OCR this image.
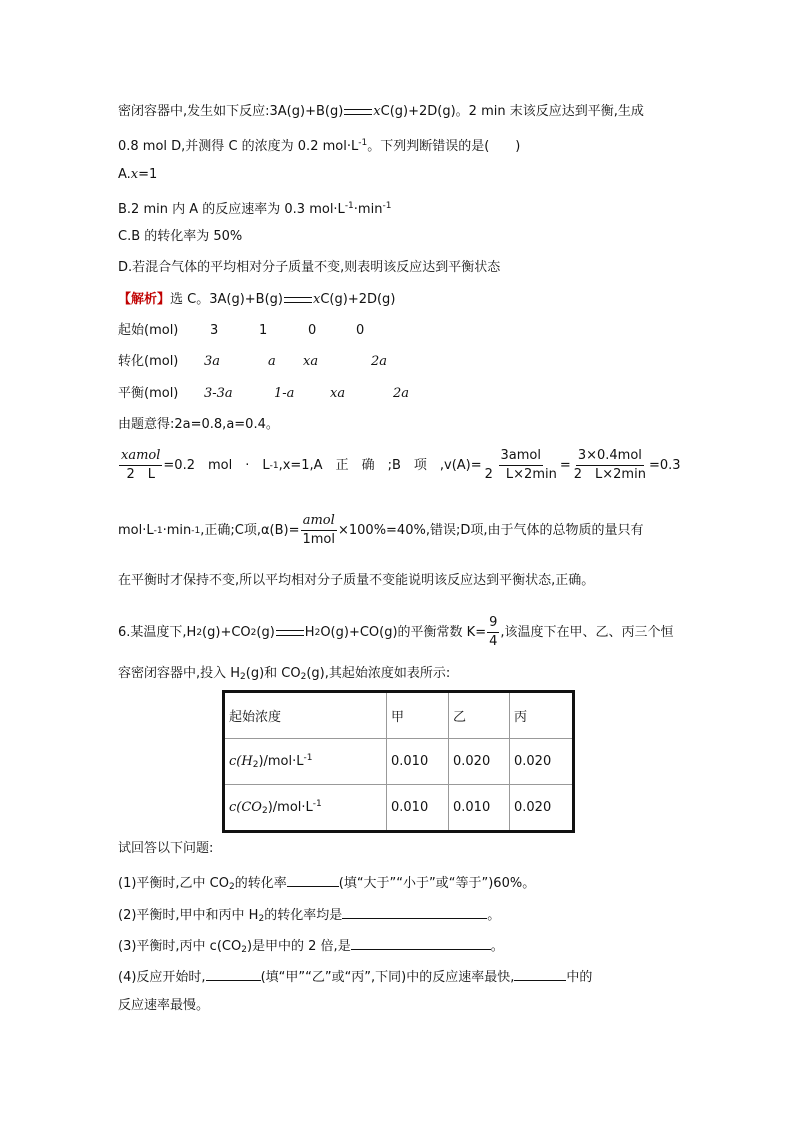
密闭容器中,发生如下反应:3A(g)+B(g) xC(g)+2D(g)。2 min 末该反应达到平衡,生成
0.8 mol D,并测得 C 的浓度为 0.2 $mol\cdot L^{-1}$。下列判断错误的是(　　)
A.x=1
B.2 min 内 A 的反应速率为 0.3 $mol\cdot L^{-1}\cdot\min^{-1}$
C.B 的转化率为 50%
D.若混合气体的平均相对分子质量不变,则表明该反应达到平衡状态
【解析】选 C。3A(g)+B(g) xC(g)+2D(g)
起始(mol) 3	1	0	0
转化(mol) 3a	a xa	2a
平衡(mol) 3-3a	1-a	xa	2a
由题意得:2a=0.8,a=0.4。
$\frac{\text{xamol}}{2 L} =0.2$　mol　·　L -1 ,x=1,A　正　确　;B　项　$,v(A)= \frac{\text{3amol}}{2 L\times 2\min} = \frac{\text{3×0.4mol}}{2 L\times 2\min} =0.3$
mol·L -1 ·min -1 ,正确;C项$,\alpha(B)= \frac{\text{amol}}{\text{1mol}} \times 100\%=40\%$,错误;D项,由于气体的总物质的量只有
在平衡时才保持不变,所以平均相对分子质量不变能说明该反应达到平衡状态,正确。
6.某温度下,H 2 (g)+CO 2 (g) H 2 O(g)+CO(g)的平衡常数 $K= \frac{9}{4}$ ,该温度下在甲、乙、丙三个恒
容密闭容器中,投入 $H_2(g)$和 $CO_2(g)$,其起始浓度如表所示:
起始浓度	甲	乙	丙
$c(H_2)/mol\cdot L^{-1}$	0.010	0.020	0.020
$c(CO_2)/mol\cdot L^{-1}$	0.010	0.010	0.020
试回答以下问题:
(1)平衡时,乙中 $CO_2$的转化率	(填“大于”“小于”或“等于”)60%。
(2)平衡时,甲中和丙中 $H_2$的转化率均是	。
(3)平衡时,丙中 $c(CO_2)$是甲中的 2 倍,是	。
(4)反应开始时,	(填“甲”“乙”或“丙”,下同)中的反应速率最快,	中的
反应速率最慢。
